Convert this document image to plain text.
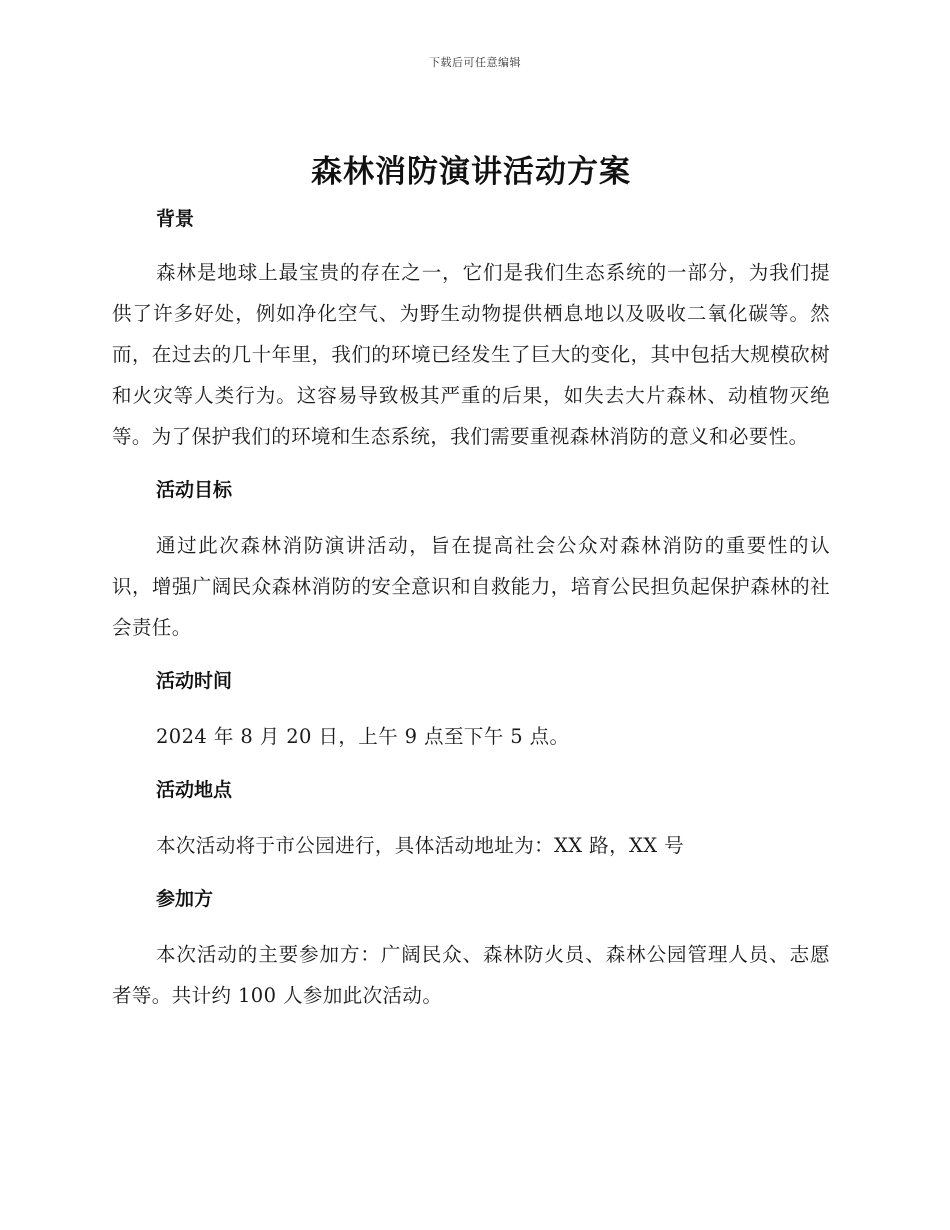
下载后可任意编辑
森林消防演讲活动方案
背景

森林是地球上最宝贵的存在之一，它们是我们生态系统的一部分，为我们提供了许多好处，例如净化空气、为野生动物提供栖息地以及吸收二氧化碳等。然而，在过去的几十年里，我们的环境已经发生了巨大的变化，其中包括大规模砍树和火灾等人类行为。这容易导致极其严重的后果，如失去大片森林、动植物灭绝等。为了保护我们的环境和生态系统，我们需要重视森林消防的意义和必要性。

活动目标

通过此次森林消防演讲活动，旨在提高社会公众对森林消防的重要性的认识，增强广阔民众森林消防的安全意识和自救能力，培育公民担负起保护森林的社会责任。

活动时间

2024 年 8 月 20 日，上午 9 点至下午 5 点。

活动地点

本次活动将于市公园进行，具体活动地址为：XX 路，XX 号

参加方

本次活动的主要参加方：广阔民众、森林防火员、森林公园管理人员、志愿者等。共计约 100 人参加此次活动。
